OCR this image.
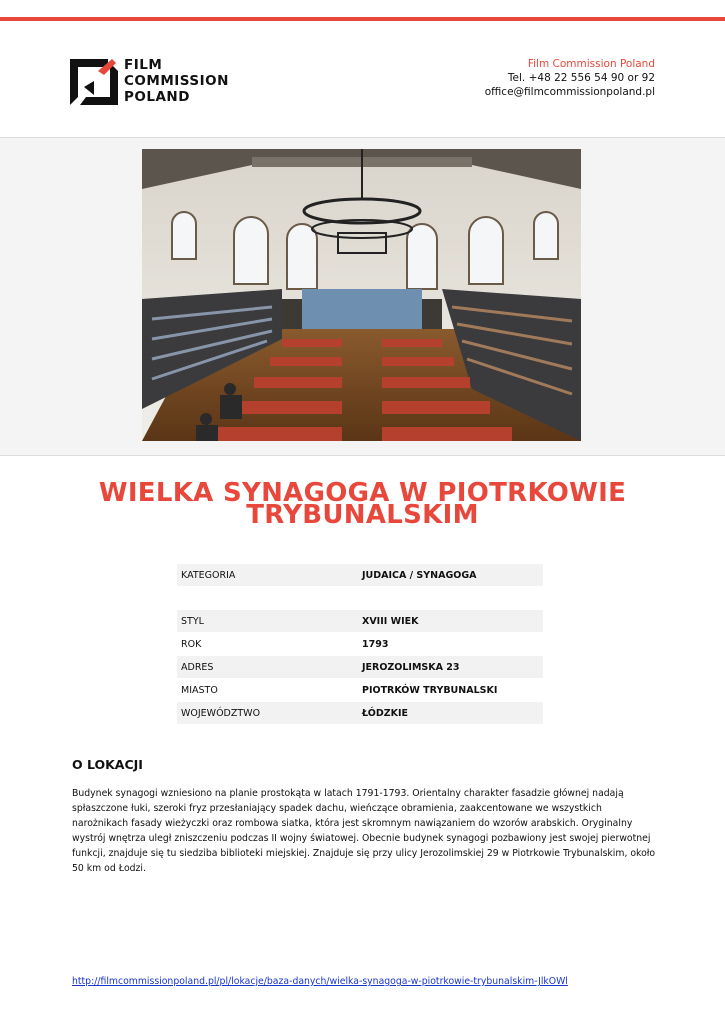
FILM
COMMISSION
POLAND
Film Commission Poland
Tel. +48 22 556 54 90 or 92
office@filmcommissionpoland.pl
WIELKA SYNAGOGA W PIOTRKOWIE TRYBUNALSKIM
KATEGORIA	JUDAICA / SYNAGOGA
STYL	XVIII WIEK
ROK	1793
ADRES	JEROZOLIMSKA 23
MIASTO	PIOTRKÓW TRYBUNALSKI
WOJEWÓDZTWO	ŁÓDZKIE
O LOKACJI

Budynek synagogi wzniesiono na planie prostokąta w latach 1791-1793. Orientalny charakter fasadzie głównej nadają spłaszczone łuki, szeroki fryz przesłaniający spadek dachu, wieńczące obramienia, zaakcentowane we wszystkich narożnikach fasady wieżyczki oraz rombowa siatka, która jest skromnym nawiązaniem do wzorów arabskich. Oryginalny wystrój wnętrza uległ zniszczeniu podczas II wojny światowej. Obecnie budynek synagogi pozbawiony jest swojej pierwotnej funkcji, znajduje się tu siedziba biblioteki miejskiej. Znajduje się przy ulicy Jerozolimskiej 29 w Piotrkowie Trybunalskim, około 50 km od Łodzi.

http://filmcommissionpoland.pl/pl/lokacje/baza-danych/wielka-synagoga-w-piotrkowie-trybunalskim-JlkOWl
